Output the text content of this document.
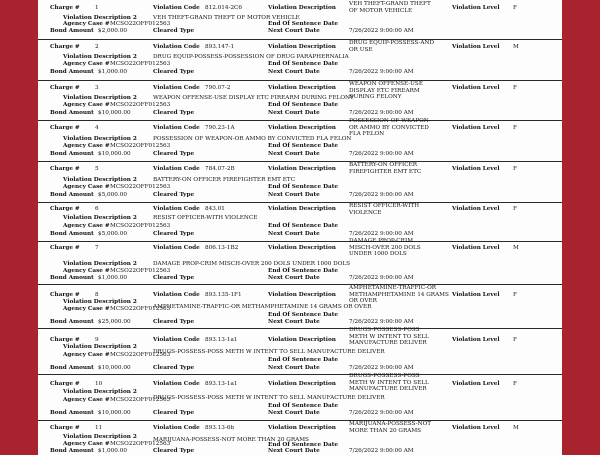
Charge #	1	Violation Code 812.014-2C6	Violation Description
VEH THEFT-GRAND THEFT OF MOTOR VEHICLE	Violation Level F
Violation Description 2	VEH THEFT-GRAND THEFT OF MOTOR VEHICLE
Agency Case # MCSO22OFF012563	End Of Sentence Date
Bond Amount $2,000.00	Cleared Type	Next Court Date	7/26/2022 9:00:00 AM
Charge #	2	Violation Code 893.147-1	Violation Description
DRUG EQUIP-POSSESS-AND OR USE	Violation Level M
Violation Description 2	DRUG EQUIP-POSSESS-POSSESSION OF DRUG PARAPHERNALIA
Agency Case # MCSO22OFF012563	End Of Sentence Date
Bond Amount $1,000.00	Cleared Type	Next Court Date	7/26/2022 9:00:00 AM
Charge #	3	Violation Code 790.07-2	Violation Description
WEAPON OFFENSE-USE DISPLAY ETC FIREARM DURING FELONY
Violation Level F
Violation Description 2	WEAPON OFFENSE-USE DISPLAY ETC FIREARM DURING FELONY
Agency Case # MCSO22OFF012563	End Of Sentence Date
Bond Amount $10,000.00	Cleared Type	Next Court Date	7/26/2022 9:00:00 AM
Charge #	4	Violation Code 790.23-1A	Violation Description
POSSESSION OF WEAPON-OR AMMO BY CONVICTED FLA FELON
Violation Level F
Violation Description 2	POSSESSION OF WEAPON-OR AMMO BY CONVICTED FLA FELON
Agency Case # MCSO22OFF012563	End Of Sentence Date
Bond Amount $10,000.00	Cleared Type	Next Court Date	7/26/2022 9:00:00 AM
Charge #	5	Violation Code 784.07-2B	Violation Description
BATTERY-ON OFFICER FIREFIGHTER EMT ETC	Violation Level F
Violation Description 2	BATTERY-ON OFFICER FIREFIGHTER EMT ETC
Agency Case # MCSO22OFF012563	End Of Sentence Date
Bond Amount $5,000.00	Cleared Type	Next Court Date	7/26/2022 9:00:00 AM
Charge #	6	Violation Code 843.01	Violation Description RESIST OFFICER-WITH VIOLENCE
Violation Level F
Violation Description 2	RESIST OFFICER-WITH VIOLENCE
Agency Case # MCSO22OFF012563	End Of Sentence Date
Bond Amount $5,000.00	Cleared Type	Next Court Date	7/26/2022 9:00:00 AM
Charge #	7	Violation Code 806.13-1B2	Violation Description
DAMAGE PROP-CRIM MISCH-OVER 200 DOLS UNDER 1000 DOLS
Violation Level M
Violation Description 2	DAMAGE PROP-CRIM MISCH-OVER 200 DOLS UNDER 1000 DOLS
Agency Case # MCSO22OFF012563	End Of Sentence Date
Bond Amount $1,000.00	Cleared Type	Next Court Date	7/26/2022 9:00:00 AM
Charge #	8	Violation Code 893.135-1F1	Violation Description
AMPHETAMINE-TRAFFIC-OR METHAMPHETAMINE 14 GRAMS OR OVER
Violation Level F
Violation Description 2
AMPHETAMINE-TRAFFIC-OR METHAMPHETAMINE 14 GRAMS OR OVER
Agency Case # MCSO22OFF012563
End Of Sentence Date
Bond Amount $25,000.00	Cleared Type	Next Court Date	7/26/2022 9:00:00 AM
Charge #	9	Violation Code 893.13-1a1	Violation Description
DRUGS-POSSESS-POSS METH W INTENT TO SELL MANUFACTURE DELIVER	Violation Level F
Violation Description 2
DRUGS-POSSESS-POSS METH W INTENT TO SELL MANUFACTURE DELIVER
Agency Case # MCSO22OFF012563
End Of Sentence Date
Bond Amount $10,000.00	Cleared Type	Next Court Date	7/26/2022 9:00:00 AM
Charge #	10	Violation Code 893.13-1a1	Violation Description
DRUGS-POSSESS-POSS METH W INTENT TO SELL MANUFACTURE DELIVER
Violation Level F
Violation Description 2
DRUGS-POSSESS-POSS METH W INTENT TO SELL MANUFACTURE DELIVER
Agency Case # MCSO22OFF012563
End Of Sentence Date
Bond Amount $10,000.00	Cleared Type	Next Court Date	7/26/2022 9:00:00 AM
Charge #	11	Violation Code 893.13-6b	Violation Description
MARIJUANA-POSSESS-NOT MORE THAN 20 GRAMS	Violation Level M
Violation Description 2	MARIJUANA-POSSESS-NOT MORE THAN 20 GRAMS
Agency Case # MCSO22OFF012563	End Of Sentence Date
Bond Amount $1,000.00	Cleared Type	Next Court Date	7/26/2022 9:00:00 AM
